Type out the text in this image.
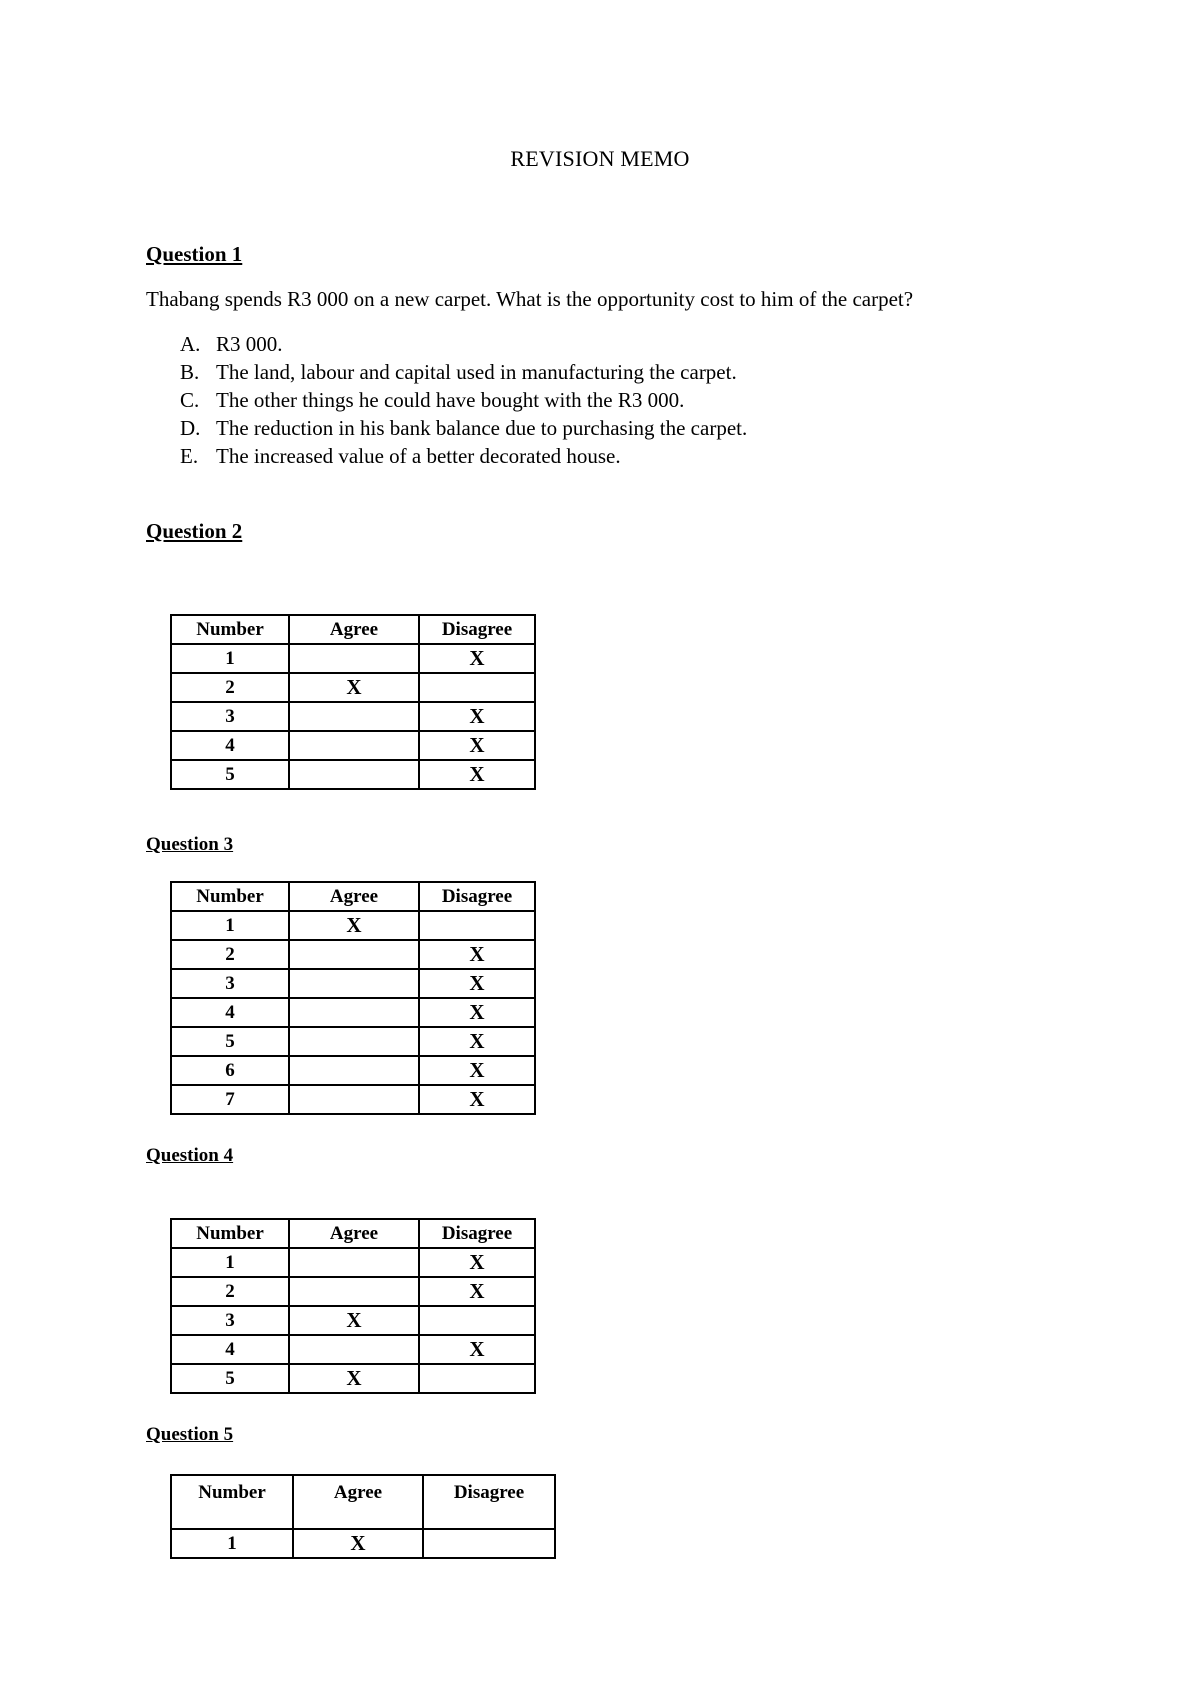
REVISION MEMO
Question 1
Thabang spends R3 000 on a new carpet. What is the opportunity cost to him of the carpet?
A. R3 000.
B. The land, labour and capital used in manufacturing the carpet.
C. The other things he could have bought with the R3 000.
D. The reduction in his bank balance due to purchasing the carpet.
E. The increased value of a better decorated house.
Question 2
Number	Agree	Disagree
1		X
2	X	
3		X
4		X
5		X
Question 3
Number	Agree	Disagree
1	X	
2		X
3		X
4		X
5		X
6		X
7		X
Question 4
Number	Agree	Disagree
1		X
2		X
3	X	
4		X
5	X	
Question 5
Number	Agree	Disagree
1	X	
